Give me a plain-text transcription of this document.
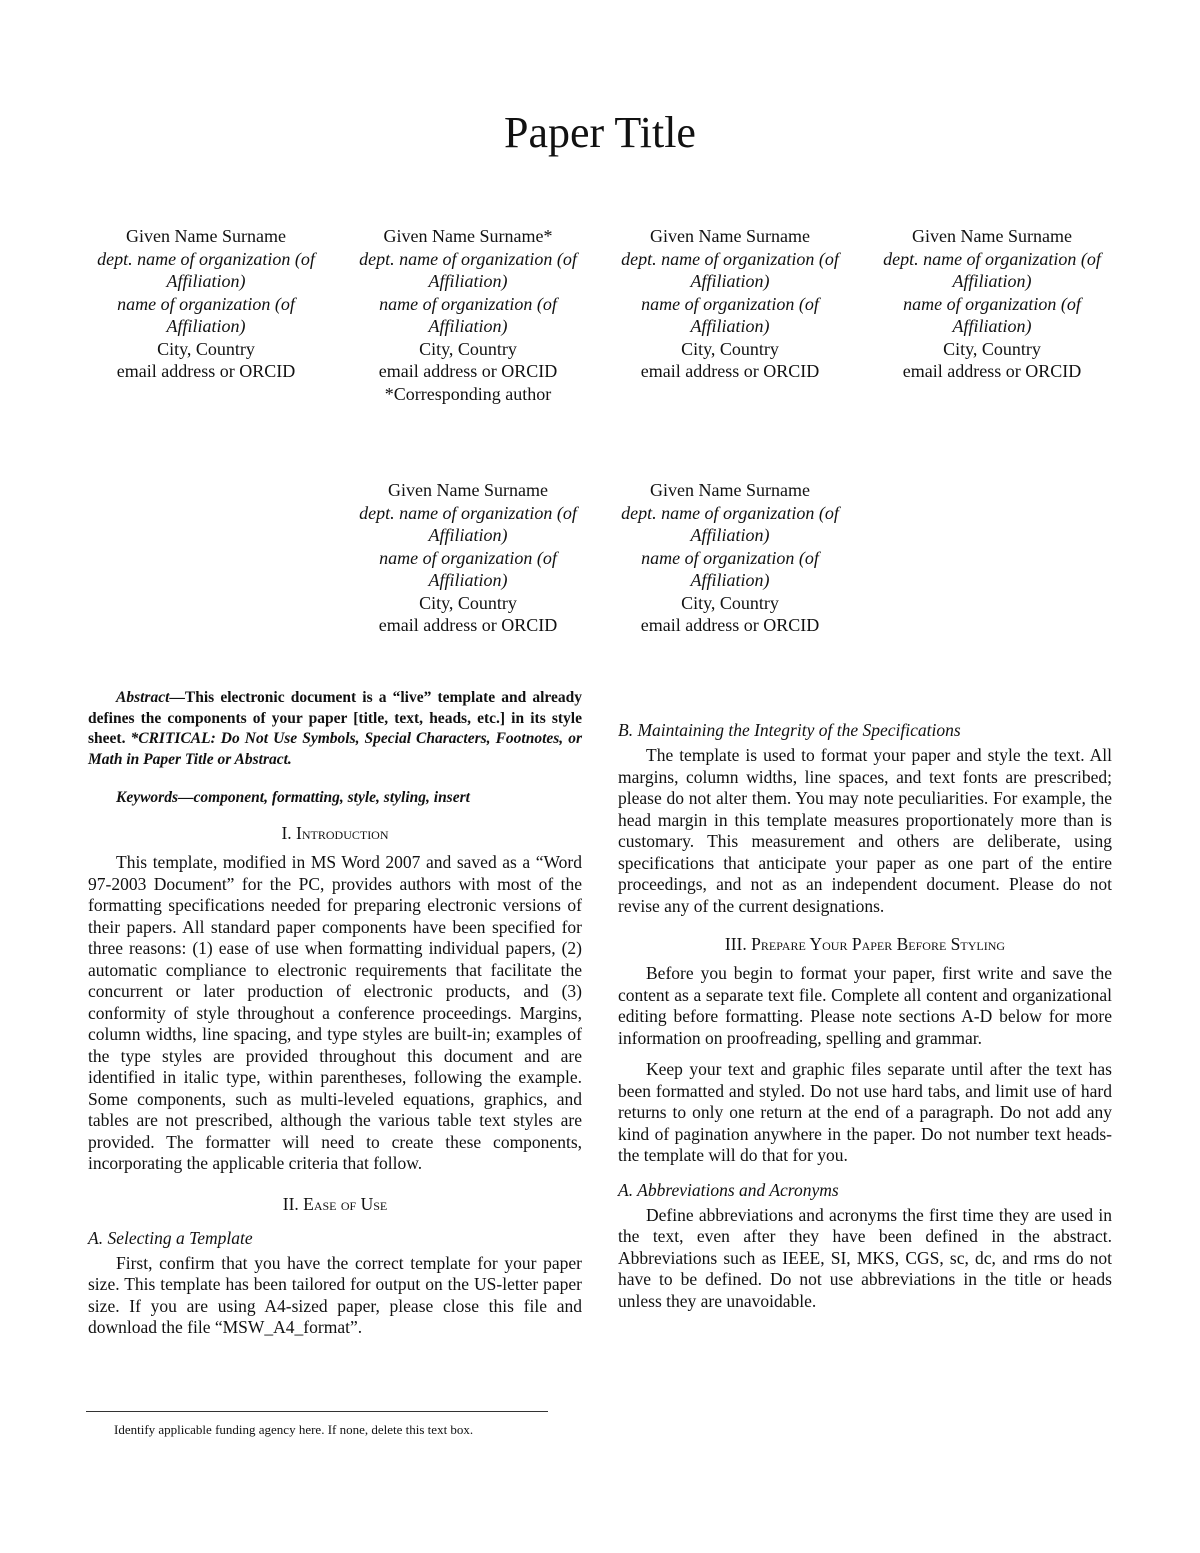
Paper Title
Given Name Surname
dept. name of organization (of Affiliation)
name of organization (of Affiliation)
City, Country
email address or ORCID
Given Name Surname*
dept. name of organization (of Affiliation)
name of organization (of Affiliation)
City, Country
email address or ORCID
*Corresponding author
Given Name Surname
dept. name of organization (of Affiliation)
name of organization (of Affiliation)
City, Country
email address or ORCID
Given Name Surname
dept. name of organization (of Affiliation)
name of organization (of Affiliation)
City, Country
email address or ORCID
Given Name Surname
dept. name of organization (of Affiliation)
name of organization (of Affiliation)
City, Country
email address or ORCID
Given Name Surname
dept. name of organization (of Affiliation)
name of organization (of Affiliation)
City, Country
email address or ORCID

Abstract—This electronic document is a “live” template and already defines the components of your paper [title, text, heads, etc.] in its style sheet. *CRITICAL: Do Not Use Symbols, Special Characters, Footnotes, or Math in Paper Title or Abstract.

Keywords—component, formatting, style, styling, insert

I. Introduction

This template, modified in MS Word 2007 and saved as a “Word 97-2003 Document” for the PC, provides authors with most of the formatting specifications needed for preparing electronic versions of their papers. All standard paper components have been specified for three reasons: (1) ease of use when formatting individual papers, (2) automatic compliance to electronic requirements that facilitate the concurrent or later production of electronic products, and (3) conformity of style throughout a conference proceedings. Margins, column widths, line spacing, and type styles are built-in; examples of the type styles are provided throughout this document and are identified in italic type, within parentheses, following the example. Some components, such as multi-leveled equations, graphics, and tables are not prescribed, although the various table text styles are provided. The formatter will need to create these components, incorporating the applicable criteria that follow.

II. Ease of Use
A. Selecting a Template

First, confirm that you have the correct template for your paper size. This template has been tailored for output on the US-letter paper size. If you are using A4-sized paper, please close this file and download the file “MSW_A4_format”.

B. Maintaining the Integrity of the Specifications

The template is used to format your paper and style the text. All margins, column widths, line spaces, and text fonts are prescribed; please do not alter them. You may note peculiarities. For example, the head margin in this template measures proportionately more than is customary. This measurement and others are deliberate, using specifications that anticipate your paper as one part of the entire proceedings, and not as an independent document. Please do not revise any of the current designations.

III. Prepare Your Paper Before Styling

Before you begin to format your paper, first write and save the content as a separate text file. Complete all content and organizational editing before formatting. Please note sections A-D below for more information on proofreading, spelling and grammar.

Keep your text and graphic files separate until after the text has been formatted and styled. Do not use hard tabs, and limit use of hard returns to only one return at the end of a paragraph. Do not add any kind of pagination anywhere in the paper. Do not number text heads-the template will do that for you.

A. Abbreviations and Acronyms

Define abbreviations and acronyms the first time they are used in the text, even after they have been defined in the abstract. Abbreviations such as IEEE, SI, MKS, CGS, sc, dc, and rms do not have to be defined. Do not use abbreviations in the title or heads unless they are unavoidable.

Identify applicable funding agency here. If none, delete this text box.
